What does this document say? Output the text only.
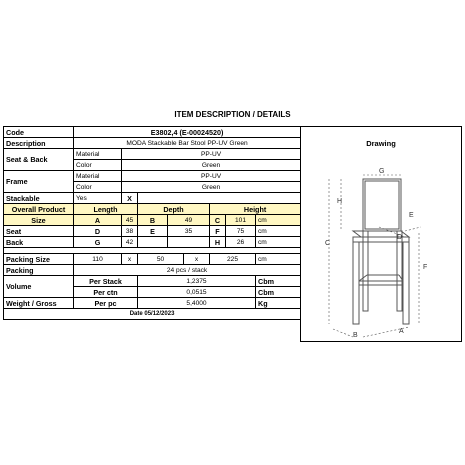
ITEM DESCRIPTION / DETAILS
Code	E3802,4 (E-00024520)							
Description	MODA Stackable Bar Stool PP-UV Green							
Seat & Back	Material	PP-UV						
	Color	Green						
Frame	Material	PP-UV						
	Color	Green						
Stackable	Yes	X						
Overall Product	Length		Depth			Height		
Size	A	45	B	49		C	101	cm
Seat	D	38	E	35		F	75	cm
Back	G	42				H	26	cm

Packing Size	110	x	50		x	225		cm
Packing	24 pcs / stack							
Volume	Per Stack		1,2375					Cbm
	Per ctn		0,0515					Cbm
Weight / Gross	Per pc		5,4000					Kg
Date 05/12/2023								
Drawing
G
H
C
E
D
F
B
A
